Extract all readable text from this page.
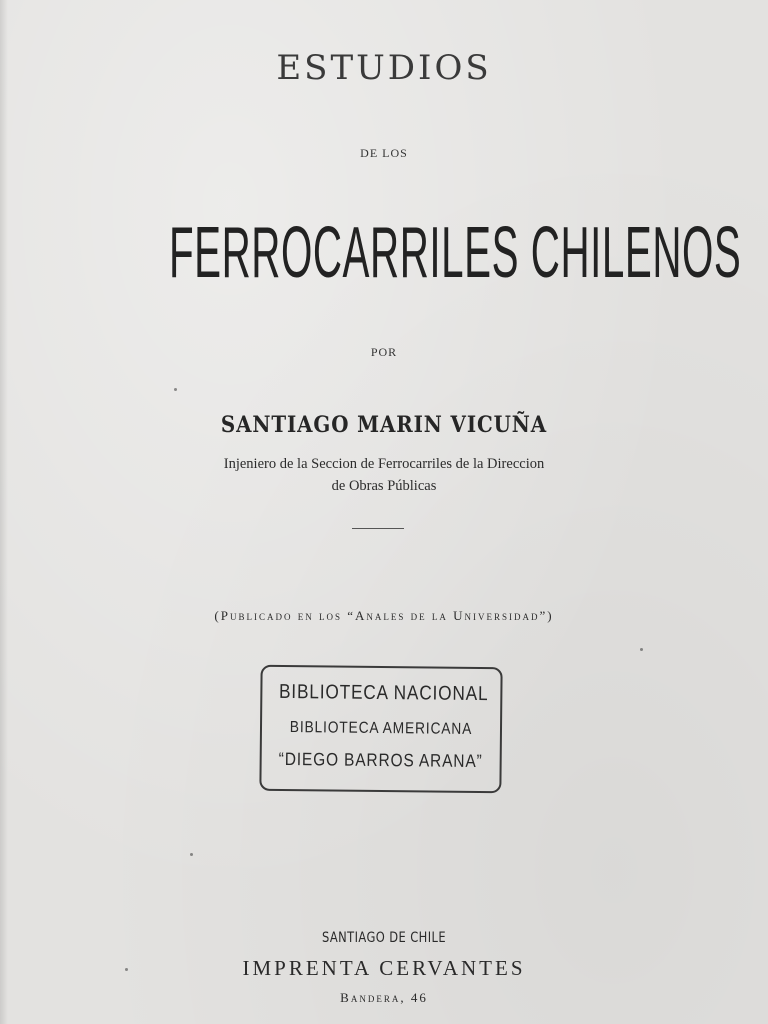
ESTUDIOS
DE LOS
FERROCARRILES CHILENOS
POR
SANTIAGO MARIN VICUÑA
Injeniero de la Seccion de Ferrocarriles de la Direccion
de Obras Públicas
(Publicado en los “Anales de la Universidad”)
BIBLIOTECA NACIONAL
BIBLIOTECA AMERICANA
“DIEGO BARROS ARANA”
SANTIAGO DE CHILE
IMPRENTA CERVANTES
Bandera, 46
